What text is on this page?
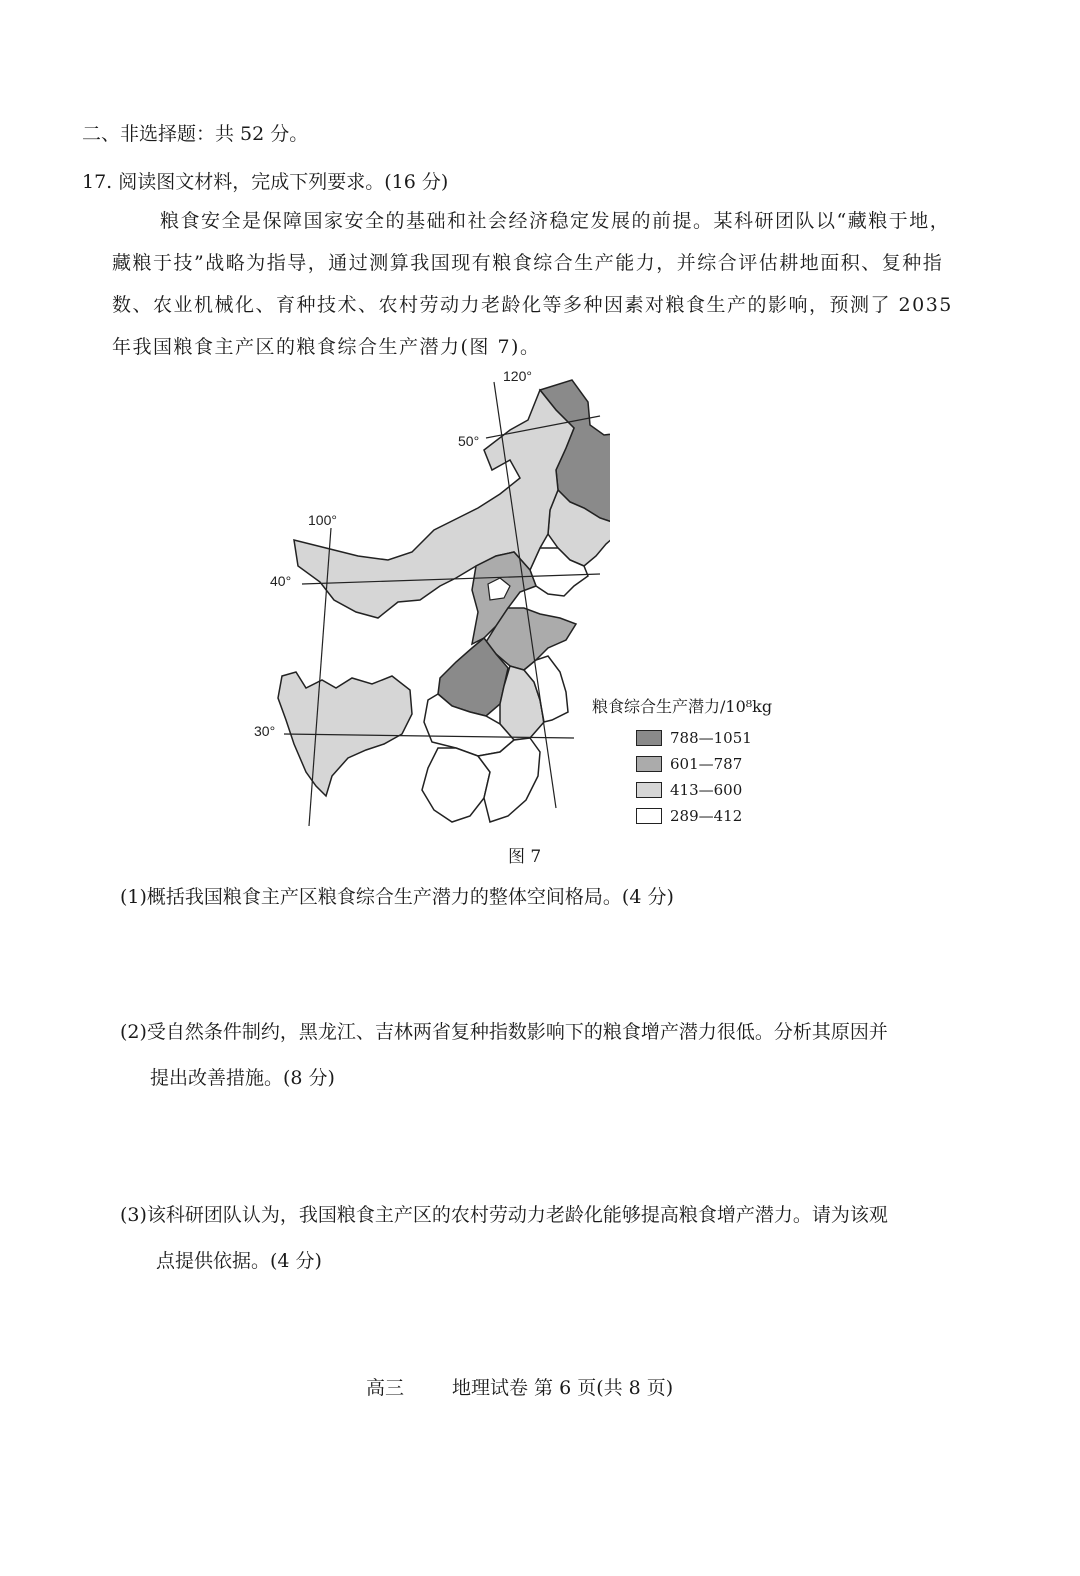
二、非选择题：共 52 分。
17. 阅读图文材料，完成下列要求。(16 分)
粮食安全是保障国家安全的基础和社会经济稳定发展的前提。某科研团队以“藏粮于地，藏粮于技”战略为指导，通过测算我国现有粮食综合生产能力，并综合评估耕地面积、复种指数、农业机械化、育种技术、农村劳动力老龄化等多种因素对粮食生产的影响，预测了 2035 年我国粮食主产区的粮食综合生产潜力(图 7)。
120°
100°
50°
40°
30°
粮食综合生产潜力/10⁸kg
788—1051
601—787
413—600
289—412
图 7
(1)概括我国粮食主产区粮食综合生产潜力的整体空间格局。(4 分)
(2)受自然条件制约，黑龙江、吉林两省复种指数影响下的粮食增产潜力很低。分析其原因并
提出改善措施。(8 分)
(3)该科研团队认为，我国粮食主产区的农村劳动力老龄化能够提高粮食增产潜力。请为该观
点提供依据。(4 分)
高三	地理试卷 第 6 页(共 8 页)
